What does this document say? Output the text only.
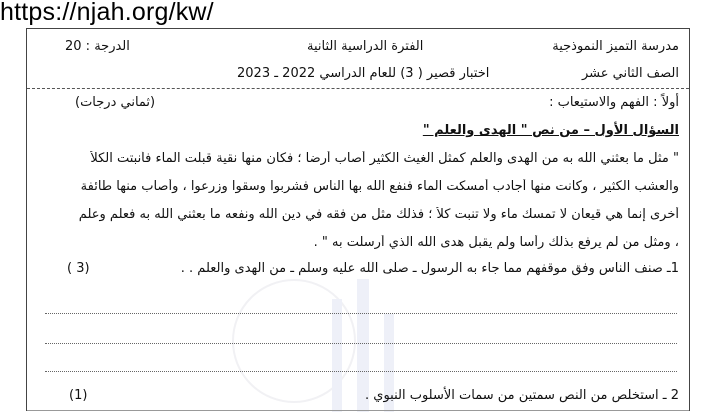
https://njah.org/kw/
مدرسة التميز النموذجية
الفترة الدراسية الثانية
الدرجة : 20
الصف الثاني عشر
اختبار قصير ( 3) للعام الدراسي 2022 ـ 2023
أولاً : الفهم والاستيعاب :
(ثماني درجات)
السؤال الأول – من نص " الهدى والعلم "
" مثل ما بعثني الله به من الهدى والعلم كمثل الغيث الكثير أصاب أرضا ؛ فكان منها نقية قبلت الماء فأنبتت الكلأ
والعشب الكثير ، وكانت منها أجادب أمسكت الماء فنفع الله بها الناس فشربوا وسقوا وزرعوا ، وأصاب منها طائفة
أخرى إنما هي قيعان لا تمسك ماء ولا تنبت كلأ ؛ فذلك مثل من فقه في دين الله ونفعه ما بعثني الله به فعلم وعلم
، ومثل من لم يرفع بذلك رأسا ولم يقبل هدى الله الذي أرسلت به " .
1ـ صنف الناس وفق موقفهم مما جاء به الرسول ـ صلى الله عليه وسلم ـ من الهدى والعلم . .
( 3)
2 ـ استخلص من النص سمتين من سمات الأسلوب النبوي .
(1)
